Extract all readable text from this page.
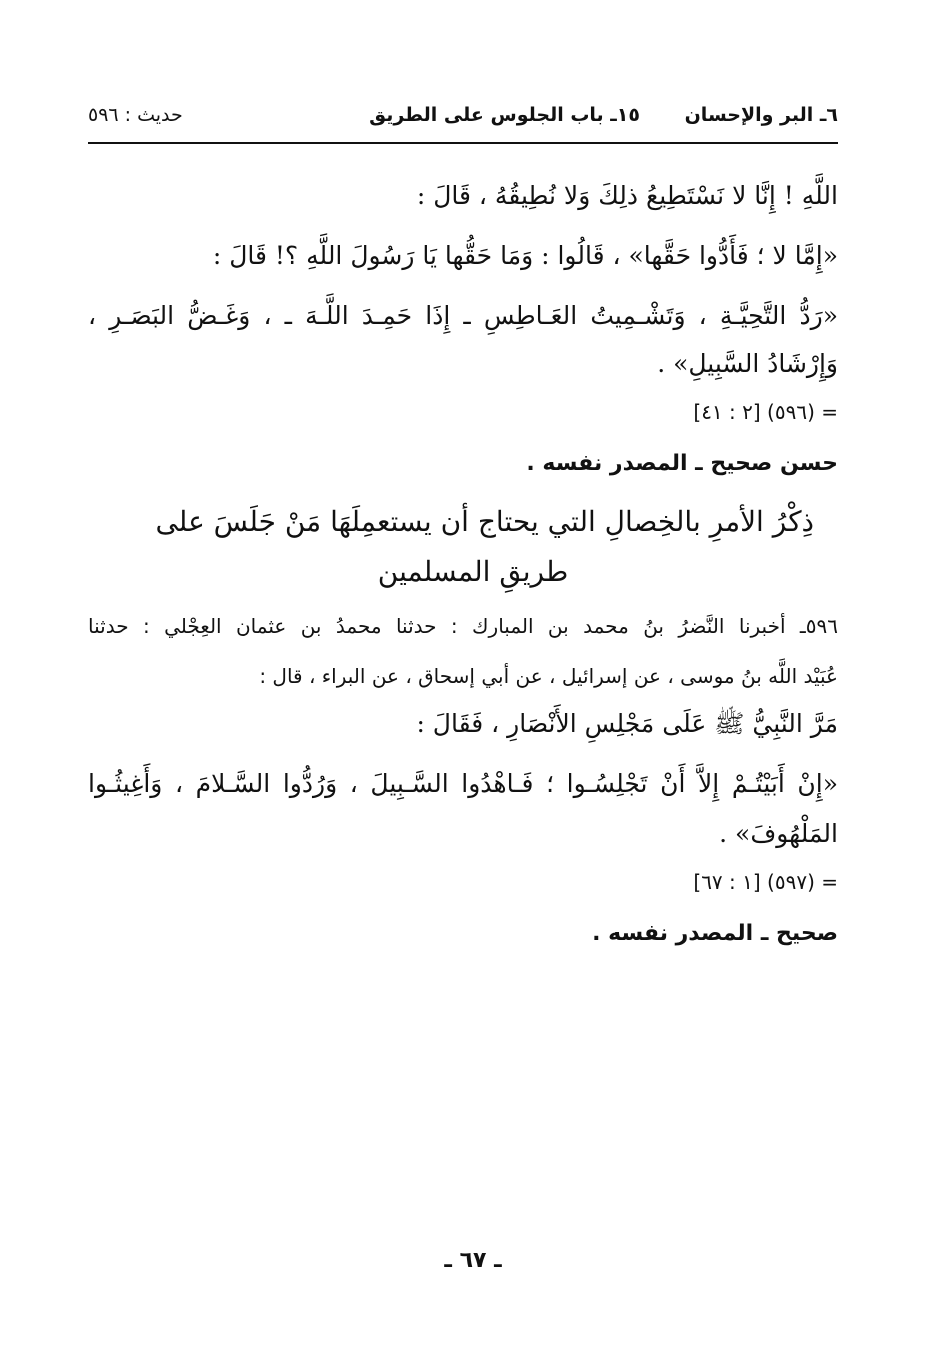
٦ـ البر والإحسان
١٥ـ باب الجلوس على الطريق
حديث : ٥٩٦
اللَّهِ ! إِنَّا لا نَسْتَطِيعُ ذلِكَ وَلا نُطِيقُهُ ، قَالَ :
«إِمَّا لا ؛ فَأَدُّوا حَقَّها» ، قَالُوا : وَمَا حَقُّها يَا رَسُولَ اللَّهِ ؟! قَالَ :
«رَدُّ التَّحِيَّـةِ ، وَتَشْـمِيتُ العَـاطِسِ ـ إِذَا حَمِـدَ اللَّـهَ ـ ، وَغَـضُّ البَصَـرِ ،
وَإِرْشَادُ السَّبِيلِ» .
= (٥٩٦) [٢ : ٤١]
حسن صحيح ـ المصدر نفسه .
ذِكْرُ الأمرِ بالخِصالِ التي يحتاج أن يستعمِلَهَا مَنْ جَلَسَ على
طريقِ المسلمين
٥٩٦ـ أخبرنا النَّضرُ بنُ محمد بن المبارك : حدثنا محمدُ بن عثمان العِجْلي : حدثنا
عُبَيْد اللَّه بنُ موسى ، عن إسرائيل ، عن أبي إسحاق ، عن البراء ، قال :
مَرَّ النَّبِيُّ ﷺ عَلَى مَجْلِسِ الأَنْصَارِ ، فَقَالَ :
«إِنْ أَبَيْتُـمْ إِلاَّ أَنْ تَجْلِسُـوا ؛ فَـاهْدُوا السَّـبِيلَ ، وَرُدُّوا السَّـلامَ ، وَأَغِيثُـوا
المَلْهُوفَ» .
= (٥٩٧) [١ : ٦٧]
صحيح ـ المصدر نفسه .
ـ ٦٧ ـ
